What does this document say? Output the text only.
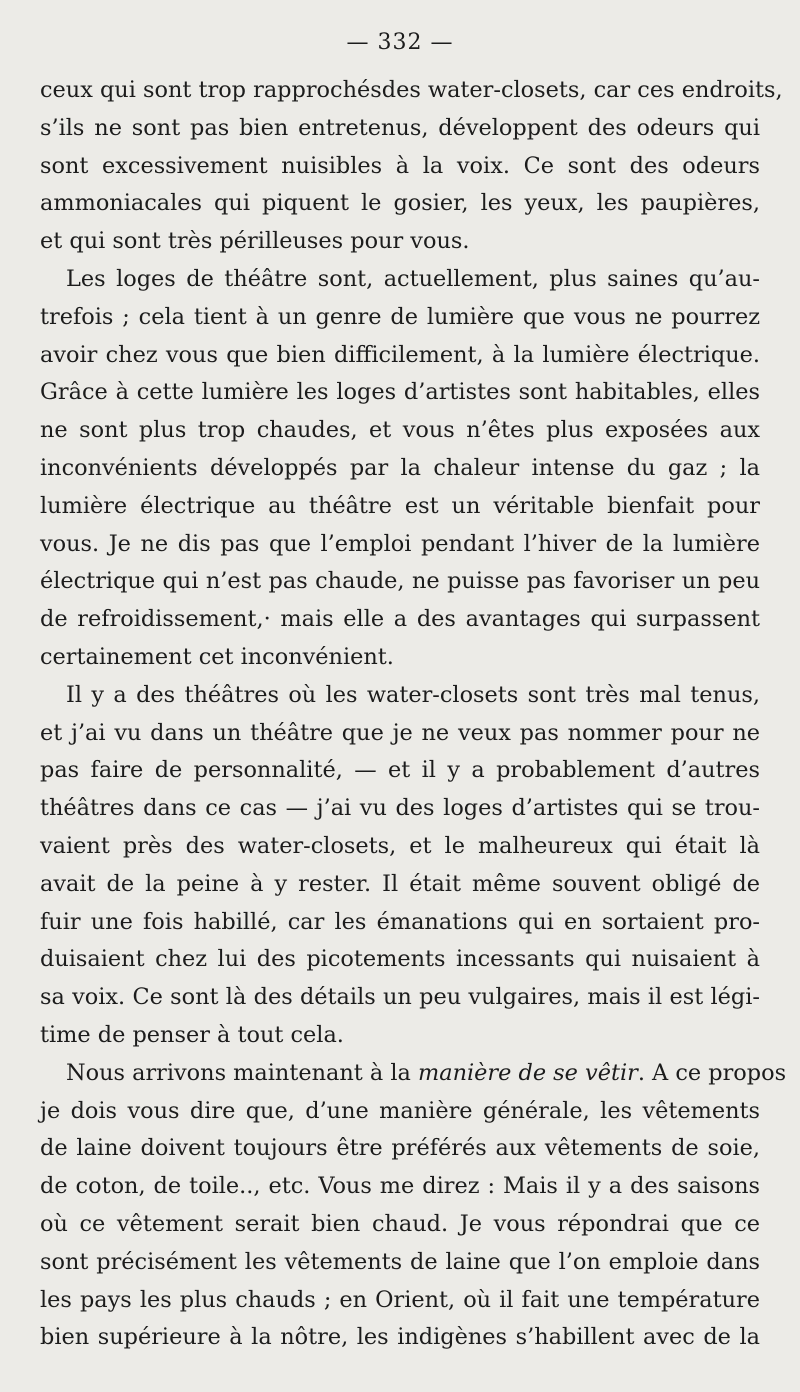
— 332 —
ceux qui sont trop rapprochésdes water-closets, car ces endroits,
s’ils ne sont pas bien entretenus, développent des odeurs qui
sont excessivement nuisibles à la voix. Ce sont des odeurs
ammoniacales qui piquent le gosier, les yeux, les paupières,
et qui sont très périlleuses pour vous.
Les loges de théâtre sont, actuellement, plus saines qu’au-
trefois ; cela tient à un genre de lumière que vous ne pourrez
avoir chez vous que bien difficilement, à la lumière électrique.
Grâce à cette lumière les loges d’artistes sont habitables, elles
ne sont plus trop chaudes, et vous n’êtes plus exposées aux
inconvénients développés par la chaleur intense du gaz ; la
lumière électrique au théâtre est un véritable bienfait pour
vous. Je ne dis pas que l’emploi pendant l’hiver de la lumière
électrique qui n’est pas chaude, ne puisse pas favoriser un peu
de refroidissement,· mais elle a des avantages qui surpassent
certainement cet inconvénient.
Il y a des théâtres où les water-closets sont très mal tenus,
et j’ai vu dans un théâtre que je ne veux pas nommer pour ne
pas faire de personnalité, — et il y a probablement d’autres
théâtres dans ce cas — j’ai vu des loges d’artistes qui se trou-
vaient près des water-closets, et le malheureux qui était là
avait de la peine à y rester. Il était même souvent obligé de
fuir une fois habillé, car les émanations qui en sortaient pro-
duisaient chez lui des picotements incessants qui nuisaient à
sa voix. Ce sont là des détails un peu vulgaires, mais il est légi-
time de penser à tout cela.
Nous arrivons maintenant à la manière de se vêtir. A ce propos
je dois vous dire que, d’une manière générale, les vêtements
de laine doivent toujours être préférés aux vêtements de soie,
de coton, de toile.., etc. Vous me direz : Mais il y a des saisons
où ce vêtement serait bien chaud. Je vous répondrai que ce
sont précisément les vêtements de laine que l’on emploie dans
les pays les plus chauds ; en Orient, où il fait une température
bien supérieure à la nôtre, les indigènes s’habillent avec de la
